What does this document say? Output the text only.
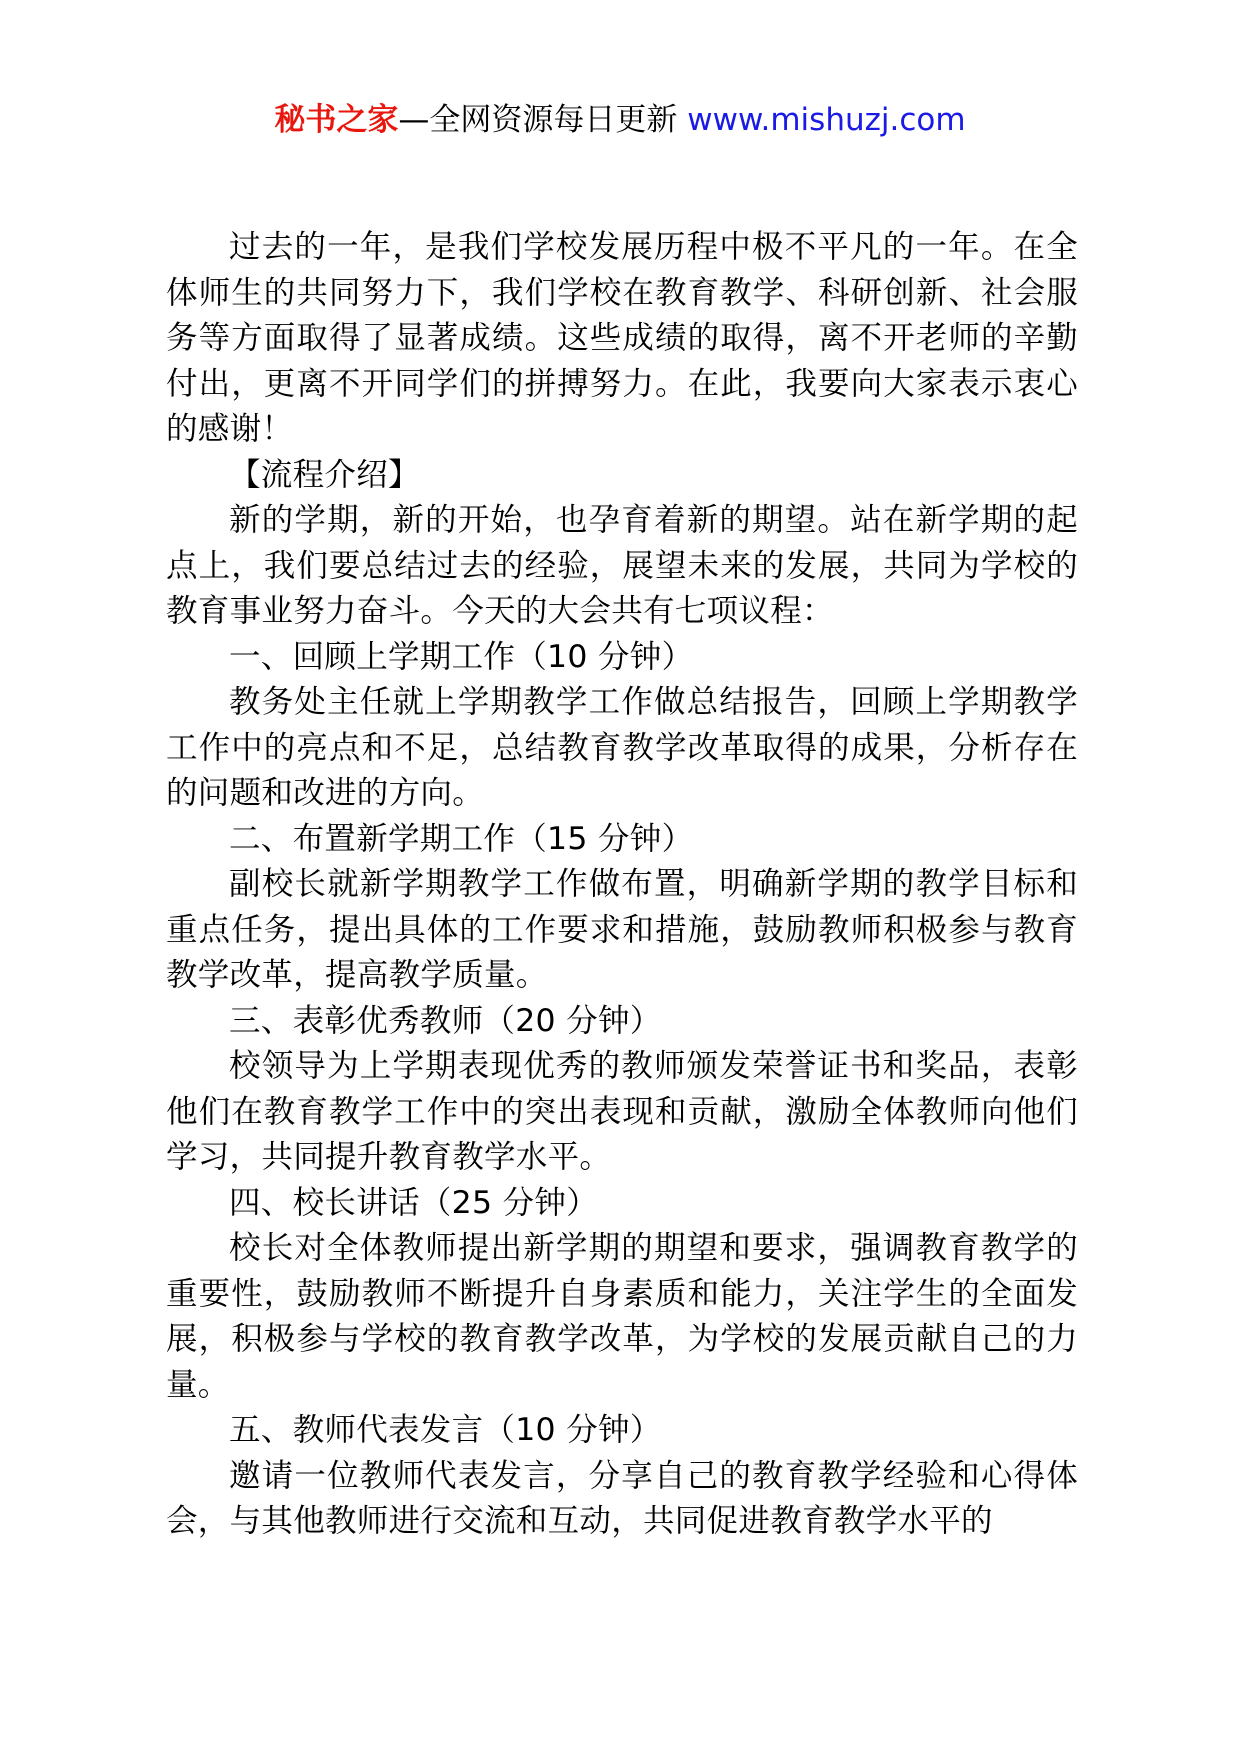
秘书之家—全网资源每日更新 www.mishuzj.com

过去的一年，是我们学校发展历程中极不平凡的一年。在全体师生的共同努力下，我们学校在教育教学、科研创新、社会服务等方面取得了显著成绩。这些成绩的取得，离不开老师的辛勤付出，更离不开同学们的拼搏努力。在此，我要向大家表示衷心的感谢！

【流程介绍】

新的学期，新的开始，也孕育着新的期望。站在新学期的起点上，我们要总结过去的经验，展望未来的发展，共同为学校的教育事业努力奋斗。今天的大会共有七项议程：

一、回顾上学期工作（10 分钟）

教务处主任就上学期教学工作做总结报告，回顾上学期教学工作中的亮点和不足，总结教育教学改革取得的成果，分析存在的问题和改进的方向。

二、布置新学期工作（15 分钟）

副校长就新学期教学工作做布置，明确新学期的教学目标和重点任务，提出具体的工作要求和措施，鼓励教师积极参与教育教学改革，提高教学质量。

三、表彰优秀教师（20 分钟）

校领导为上学期表现优秀的教师颁发荣誉证书和奖品，表彰他们在教育教学工作中的突出表现和贡献，激励全体教师向他们学习，共同提升教育教学水平。

四、校长讲话（25 分钟）

校长对全体教师提出新学期的期望和要求，强调教育教学的重要性，鼓励教师不断提升自身素质和能力，关注学生的全面发展，积极参与学校的教育教学改革，为学校的发展贡献自己的力量。

五、教师代表发言（10 分钟）

邀请一位教师代表发言，分享自己的教育教学经验和心得体会，与其他教师进行交流和互动，共同促进教育教学水平的
